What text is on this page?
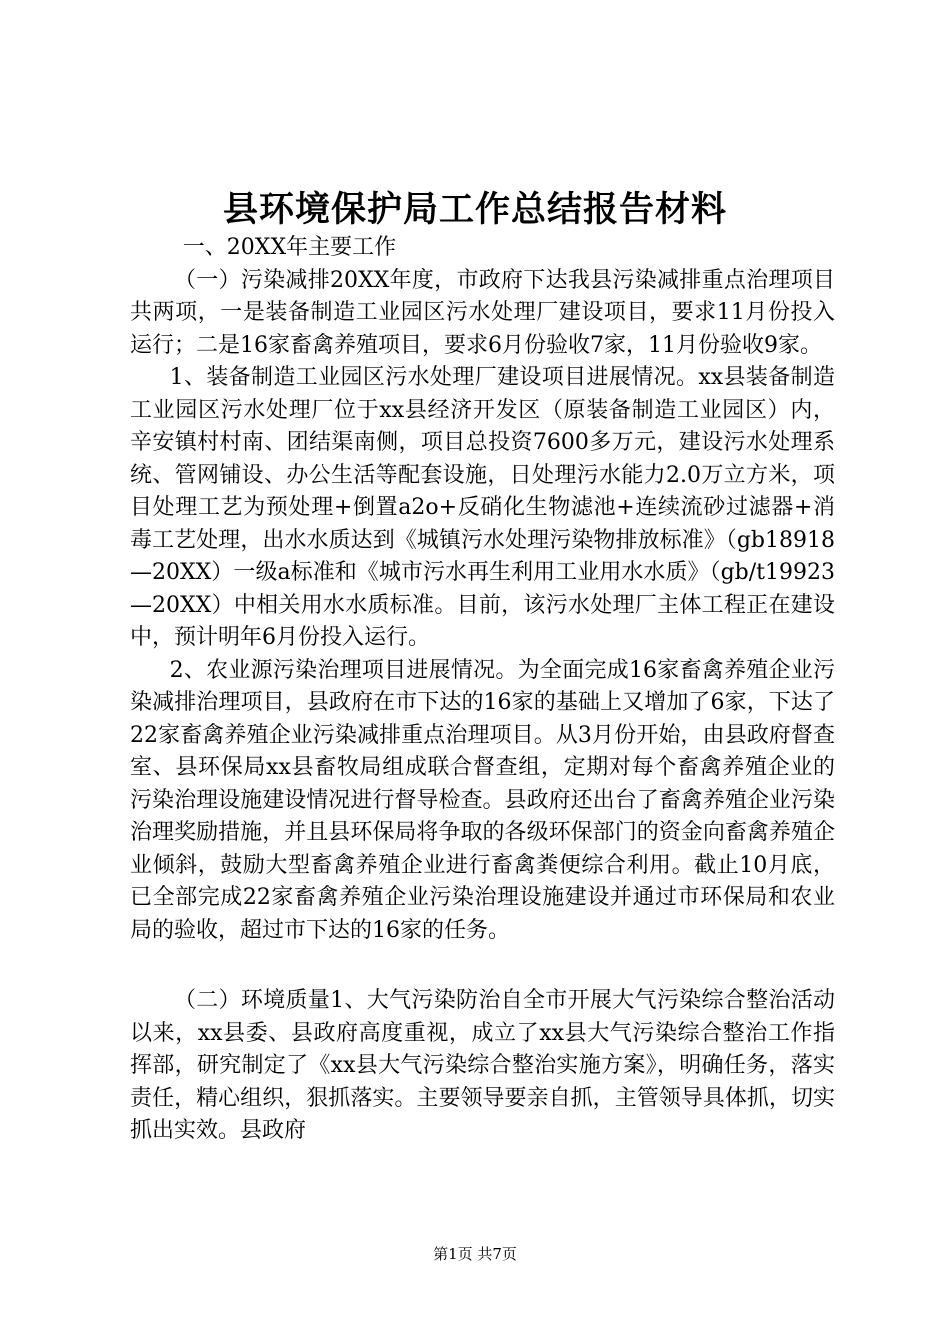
县环境保护局工作总结报告材料

一、20XX年主要工作

（一）污染减排20XX年度，市政府下达我县污染减排重点治理项目共两项，一是装备制造工业园区污水处理厂建设项目，要求11月份投入运行；二是16家畜禽养殖项目，要求6月份验收7家，11月份验收9家。

1、装备制造工业园区污水处理厂建设项目进展情况。xx县装备制造工业园区污水处理厂位于xx县经济开发区（原装备制造工业园区）内，辛安镇村村南、团结渠南侧，项目总投资7600多万元，建设污水处理系统、管网铺设、办公生活等配套设施，日处理污水能力2.0万立方米，项目处理工艺为预处理+倒置a2o+反硝化生物滤池+连续流砂过滤器+消毒工艺处理，出水水质达到《城镇污水处理污染物排放标准》（gb18918—20XX）一级a标准和《城市污水再生利用工业用水水质》（gb/t19923—20XX）中相关用水水质标准。目前，该污水处理厂主体工程正在建设中，预计明年6月份投入运行。

2、农业源污染治理项目进展情况。为全面完成16家畜禽养殖企业污染减排治理项目，县政府在市下达的16家的基础上又增加了6家，下达了22家畜禽养殖企业污染减排重点治理项目。从3月份开始，由县政府督查室、县环保局xx县畜牧局组成联合督查组，定期对每个畜禽养殖企业的污染治理设施建设情况进行督导检查。县政府还出台了畜禽养殖企业污染治理奖励措施，并且县环保局将争取的各级环保部门的资金向畜禽养殖企业倾斜，鼓励大型畜禽养殖企业进行畜禽粪便综合利用。截止10月底，已全部完成22家畜禽养殖企业污染治理设施建设并通过市环保局和农业局的验收，超过市下达的16家的任务。

（二）环境质量1、大气污染防治自全市开展大气污染综合整治活动以来，xx县委、县政府高度重视，成立了xx县大气污染综合整治工作指挥部，研究制定了《xx县大气污染综合整治实施方案》，明确任务，落实责任，精心组织，狠抓落实。主要领导要亲自抓，主管领导具体抓，切实抓出实效。县政府

第1页 共7页
